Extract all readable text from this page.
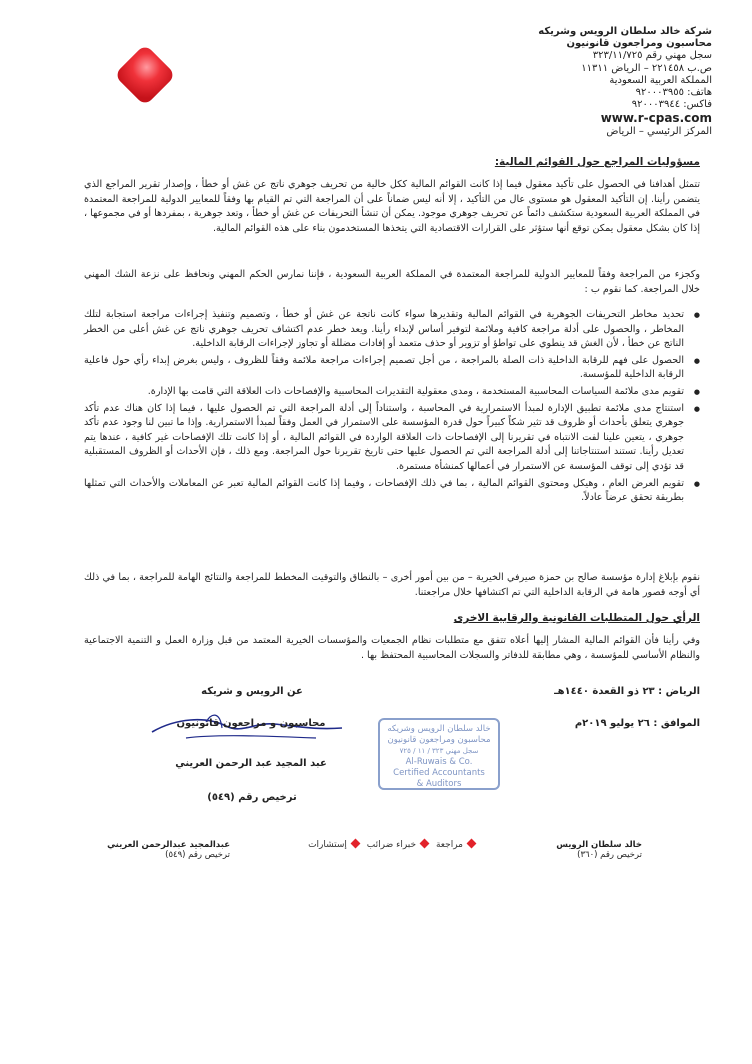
شركة خالد سلطان الرويس وشريكه
محاسبون ومراجعون قانونيون
سجل مهني رقم ٣٢٣/١١/٧٢٥
ص.ب ٢٢١٤٥٨ – الرياض ١١٣١١
المملكة العربية السعودية
هاتف: ٩٢٠٠٠٣٩٥٥
فاكس: ٩٢٠٠٠٣٩٤٤
www.r-cpas.com
المركز الرئيسي – الرياض
مسؤوليات المراجع حول القوائم المالية:
تتمثل أهدافنا في الحصول على تأكيد معقول فيما إذا كانت القوائم المالية ككل خالية من تحريف جوهري ناتج عن غش أو خطأ ، وإصدار تقرير المراجع الذي يتضمن رأينا. إن التأكيد المعقول هو مستوى عال من التأكيد ، إلا أنه ليس ضماناً على أن المراجعة التي تم القيام بها وفقاً للمعايير الدولية للمراجعة المعتمدة في المملكة العربية السعودية ستكشف دائماً عن تحريف جوهري موجود. يمكن أن تنشأ التحريفات عن غش أو خطأ ، وتعد جوهرية ، بمفردها أو في مجموعها ، إذا كان بشكل معقول يمكن توقع أنها ستؤثر على القرارات الاقتصادية التي يتخذها المستخدمون بناء على هذه القوائم المالية.
وكجزء من المراجعة وفقاً للمعايير الدولية للمراجعة المعتمدة في المملكة العربية السعودية ، فإننا نمارس الحكم المهني ونحافظ على نزعة الشك المهني خلال المراجعة. كما نقوم ب :
● تحديد مخاطر التحريفات الجوهرية في القوائم المالية وتقديرها سواء كانت ناتجة عن غش أو خطأ ، وتصميم وتنفيذ إجراءات مراجعة استجابة لتلك المخاطر ، والحصول على أدلة مراجعة كافية وملائمة لتوفير أساس لإبداء رأينا. ويعد خطر عدم اكتشاف تحريف جوهري ناتج عن غش أعلى من الخطر الناتج عن خطأ ، لأن الغش قد ينطوي على تواطؤ أو تزوير أو حذف متعمد أو إفادات مضللة أو تجاوز لإجراءات الرقابة الداخلية.
● الحصول على فهم للرقابة الداخلية ذات الصلة بالمراجعة ، من أجل تصميم إجراءات مراجعة ملائمة وفقاً للظروف ، وليس بغرض إبداء رأي حول فاعلية الرقابة الداخلية للمؤسسة.
● تقويم مدى ملائمة السياسات المحاسبية المستخدمة ، ومدى معقولية التقديرات المحاسبية والإفصاحات ذات العلاقة التي قامت بها الإدارة.
● استنتاج مدى ملائمة تطبيق الإدارة لمبدأ الاستمرارية في المحاسبة ، واستناداً إلى أدلة المراجعة التي تم الحصول عليها ، فيما إذا كان هناك عدم تأكد جوهري يتعلق بأحداث أو ظروف قد تثير شكاً كبيراً حول قدرة المؤسسة على الاستمرار في العمل وفقاً لمبدأ الاستمرارية. وإذا ما تبين لنا وجود عدم تأكد جوهري ، يتعين علينا لفت الانتباه في تقريرنا إلى الإفصاحات ذات العلاقة الواردة في القوائم المالية ، أو إذا كانت تلك الإفصاحات غير كافية ، عندها يتم تعديل رأينا. تستند استنتاجاتنا إلى أدلة المراجعة التي تم الحصول عليها حتى تاريخ تقريرنا حول المراجعة. ومع ذلك ، فإن الأحداث أو الظروف المستقبلية قد تؤدي إلى توقف المؤسسة عن الاستمرار في أعمالها كمنشأة مستمرة.
● تقويم العرض العام ، وهيكل ومحتوى القوائم المالية ، بما في ذلك الإفصاحات ، وفيما إذا كانت القوائم المالية تعبر عن المعاملات والأحداث التي تمثلها بطريقة تحقق عرضاً عادلاً.
نقوم بإبلاغ إدارة مؤسسة صالح بن حمزة صيرفي الخيرية – من بين أمور أخرى – بالنطاق والتوقيت المخطط للمراجعة والنتائج الهامة للمراجعة ، بما في ذلك أي أوجه قصور هامة في الرقابة الداخلية التي تم اكتشافها خلال مراجعتنا.
الرأي حول المتطلبات القانونية والرقابية الاخرى
وفي رأينا فأن القوائم المالية المشار إليها أعلاه تتفق مع متطلبات نظام الجمعيات والمؤسسات الخيرية المعتمد من قبل وزارة العمل و التنمية الاجتماعية والنظام الأساسي للمؤسسة ، وهي مطابقة للدفاتر والسجلات المحاسبية المحتفظ بها .
الرياض : ٢٣ ذو القعدة ١٤٤٠هـ
الموافق : ٢٦ يوليو ٢٠١٩م
عن الرويس و شريكه
محاسبون و مراجعون قانونيون
عبد المجيد عبد الرحمن العريني
ترخيص رقم (٥٤٩)
خالد سلطان الرويس وشريكه
محاسبون ومراجعون قانونيون
سجل مهني ٣٢٣ / ١١ / ٧٢٥
Al-Ruwais & Co.
Certified Accountants
& Auditors
خالد سلطان الرويس
ترخيص رقم (٣٦٠)
مراجعة خبراء ضرائب إستشارات
عبدالمجيد عبدالرحمن العريني
ترخيص رقم (٥٤٩)
